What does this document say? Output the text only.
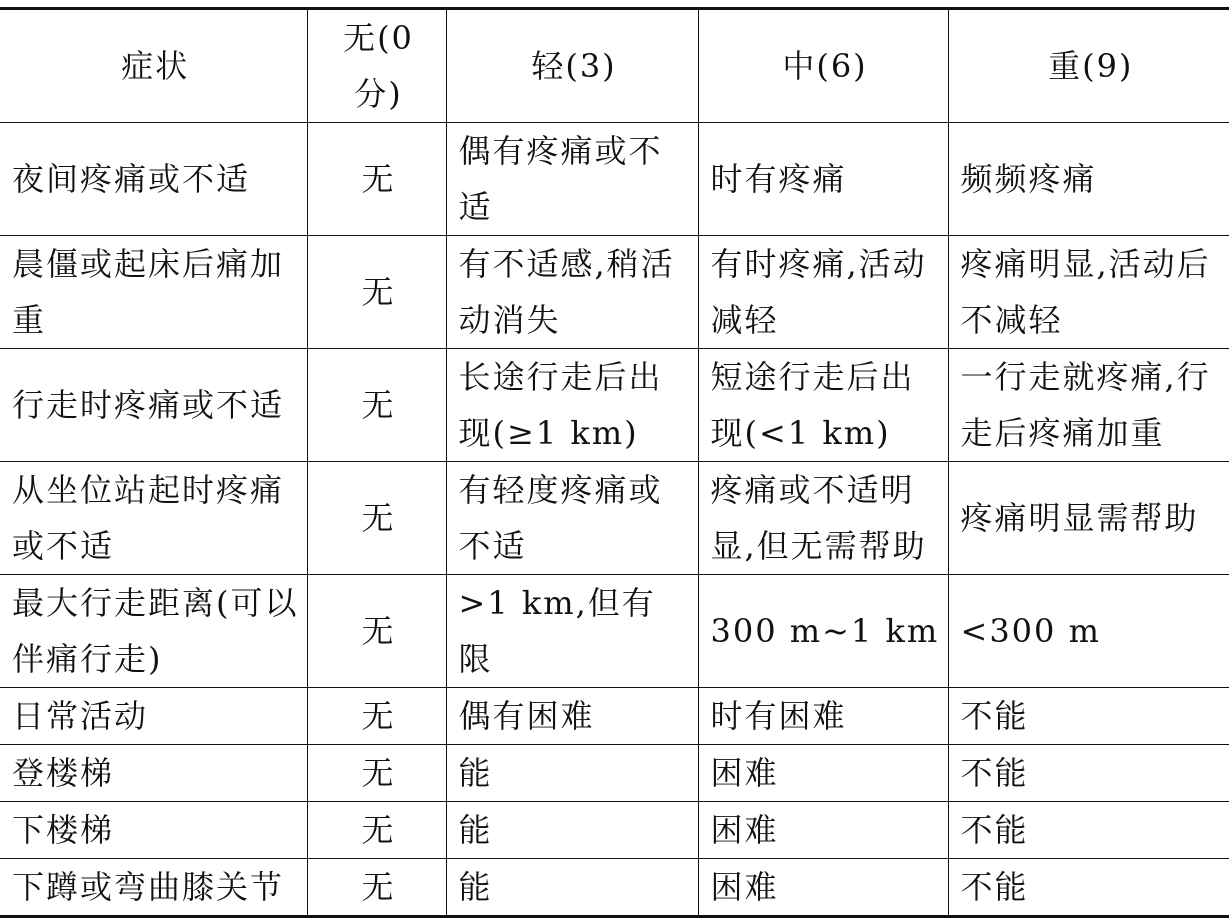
症状	无(0 分)	轻(3)	中(6)	重(9)
夜间疼痛或不适	无	偶有疼痛或不适	时有疼痛	频频疼痛
晨僵或起床后痛加重	无	有不适感,稍活动消失	有时疼痛,活动减轻	疼痛明显,活动后不减轻
行走时疼痛或不适	无	长途行走后出现(≥1 km)	短途行走后出现(<1 km)	一行走就疼痛,行走后疼痛加重
从坐位站起时疼痛或不适	无	有轻度疼痛或不适	疼痛或不适明显,但无需帮助	疼痛明显需帮助
最大行走距离(可以伴痛行走)	无	>1 km,但有限	300 m~1 km	<300 m
日常活动	无	偶有困难	时有困难	不能
登楼梯	无	能	困难	不能
下楼梯	无	能	困难	不能
下蹲或弯曲膝关节	无	能	困难	不能
